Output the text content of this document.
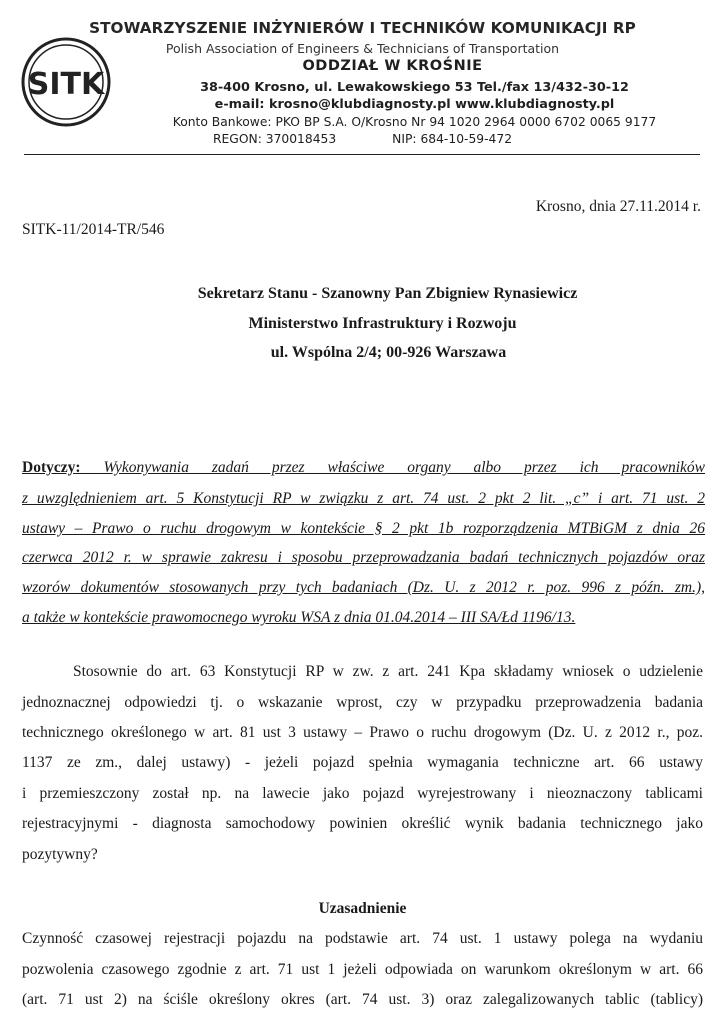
SITK
STOWARZYSZENIE INŻYNIERÓW I TECHNIKÓW KOMUNIKACJI RP
Polish Association of Engineers & Technicians of Transportation
ODDZIAŁ W KROŚNIE
38-400 Krosno, ul. Lewakowskiego 53 Tel./fax 13/432-30-12
e-mail: krosno@klubdiagnosty.pl www.klubdiagnosty.pl
Konto Bankowe: PKO BP S.A. O/Krosno Nr 94 1020 2964 0000 6702 0065 9177
REGON: 370018453	NIP: 684-10-59-472
Krosno, dnia 27.11.2014 r.
SITK-11/2014-TR/546
Sekretarz Stanu - Szanowny Pan Zbigniew Rynasiewicz
Ministerstwo Infrastruktury i Rozwoju
ul. Wspólna 2/4; 00-926 Warszawa
Dotyczy: Wykonywania zadań przez właściwe organy albo przez ich pracowników
z uwzględnieniem art. 5 Konstytucji RP w związku z art. 74 ust. 2 pkt 2 lit. „c” i art. 71 ust. 2
ustawy – Prawo o ruchu drogowym w kontekście § 2 pkt 1b rozporządzenia MTBiGM z dnia 26
czerwca 2012 r. w sprawie zakresu i sposobu przeprowadzania badań technicznych pojazdów oraz
wzorów dokumentów stosowanych przy tych badaniach (Dz. U. z 2012 r. poz. 996 z późn. zm.),
a także w kontekście prawomocnego wyroku WSA z dnia 01.04.2014 – III SA/Łd 1196/13.
Stosownie do art. 63 Konstytucji RP w zw. z art. 241 Kpa składamy wniosek o udzielenie
jednoznacznej odpowiedzi tj. o wskazanie wprost, czy w przypadku przeprowadzenia badania
technicznego określonego w art. 81 ust 3 ustawy – Prawo o ruchu drogowym (Dz. U. z 2012 r., poz.
1137 ze zm., dalej ustawy) - jeżeli pojazd spełnia wymagania techniczne art. 66 ustawy
i przemieszczony został np. na lawecie jako pojazd wyrejestrowany i nieoznaczony tablicami
rejestracyjnymi - diagnosta samochodowy powinien określić wynik badania technicznego jako
pozytywny?
Uzasadnienie
Czynność czasowej rejestracji pojazdu na podstawie art. 74 ust. 1 ustawy polega na wydaniu
pozwolenia czasowego zgodnie z art. 71 ust 1 jeżeli odpowiada on warunkom określonym w art. 66
(art. 71 ust 2) na ściśle określony okres (art. 74 ust. 3) oraz zalegalizowanych tablic (tablicy)
